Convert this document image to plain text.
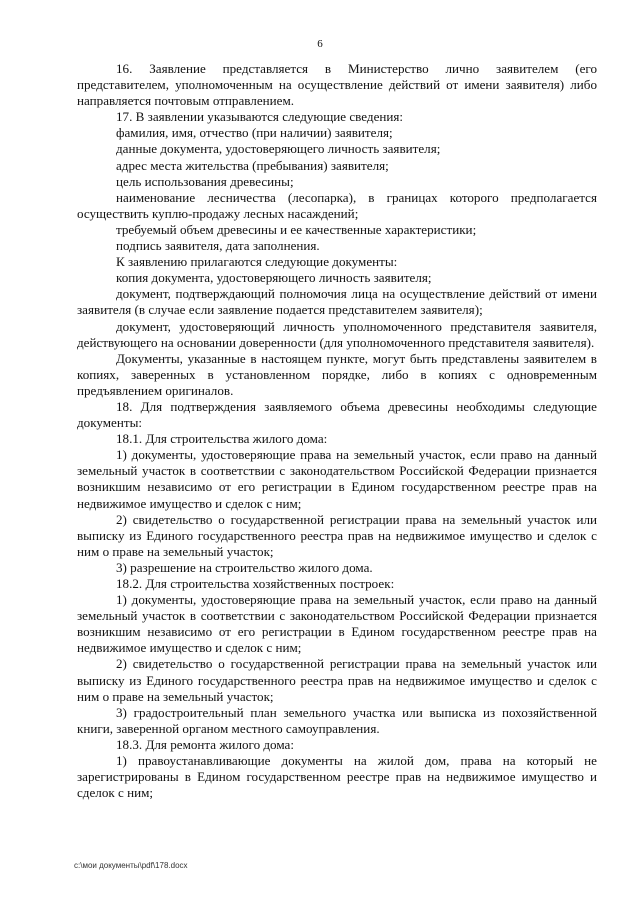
6

16. Заявление представляется в Министерство лично заявителем (его представителем, уполномоченным на осуществление действий от имени заявителя) либо направляется почтовым отправлением.

17. В заявлении указываются следующие сведения:

фамилия, имя, отчество (при наличии) заявителя;

данные документа, удостоверяющего личность заявителя;

адрес места жительства (пребывания) заявителя;

цель использования древесины;

наименование лесничества (лесопарка), в границах которого предполагается осуществить куплю-продажу лесных насаждений;

требуемый объем древесины и ее качественные характеристики;

подпись заявителя, дата заполнения.

К заявлению прилагаются следующие документы:

копия документа, удостоверяющего личность заявителя;

документ, подтверждающий полномочия лица на осуществление действий от имени заявителя (в случае если заявление подается представителем заявителя);

документ, удостоверяющий личность уполномоченного представителя заявителя, действующего на основании доверенности (для уполномоченного представителя заявителя).

Документы, указанные в настоящем пункте, могут быть представлены заявителем в копиях, заверенных в установленном порядке, либо в копиях с одновременным предъявлением оригиналов.

18. Для подтверждения заявляемого объема древесины необходимы следующие документы:

18.1. Для строительства жилого дома:

1) документы, удостоверяющие права на земельный участок, если право на данный земельный участок в соответствии с законодательством Российской Федерации признается возникшим независимо от его регистрации в Едином государственном реестре прав на недвижимое имущество и сделок с ним;

2) свидетельство о государственной регистрации права на земельный участок или выписку из Единого государственного реестра прав на недвижимое имущество и сделок с ним о праве на земельный участок;

3) разрешение на строительство жилого дома.

18.2. Для строительства хозяйственных построек:

1) документы, удостоверяющие права на земельный участок, если право на данный земельный участок в соответствии с законодательством Российской Федерации признается возникшим независимо от его регистрации в Едином государственном реестре прав на недвижимое имущество и сделок с ним;

2) свидетельство о государственной регистрации права на земельный участок или выписку из Единого государственного реестра прав на недвижимое имущество и сделок с ним о праве на земельный участок;

3) градостроительный план земельного участка или выписка из похозяйственной книги, заверенной органом местного самоуправления.

18.3. Для ремонта жилого дома:

1) правоустанавливающие документы на жилой дом, права на который не зарегистрированы в Едином государственном реестре прав на недвижимое имущество и сделок с ним;

c:\мои документы\pdf\178.docx
